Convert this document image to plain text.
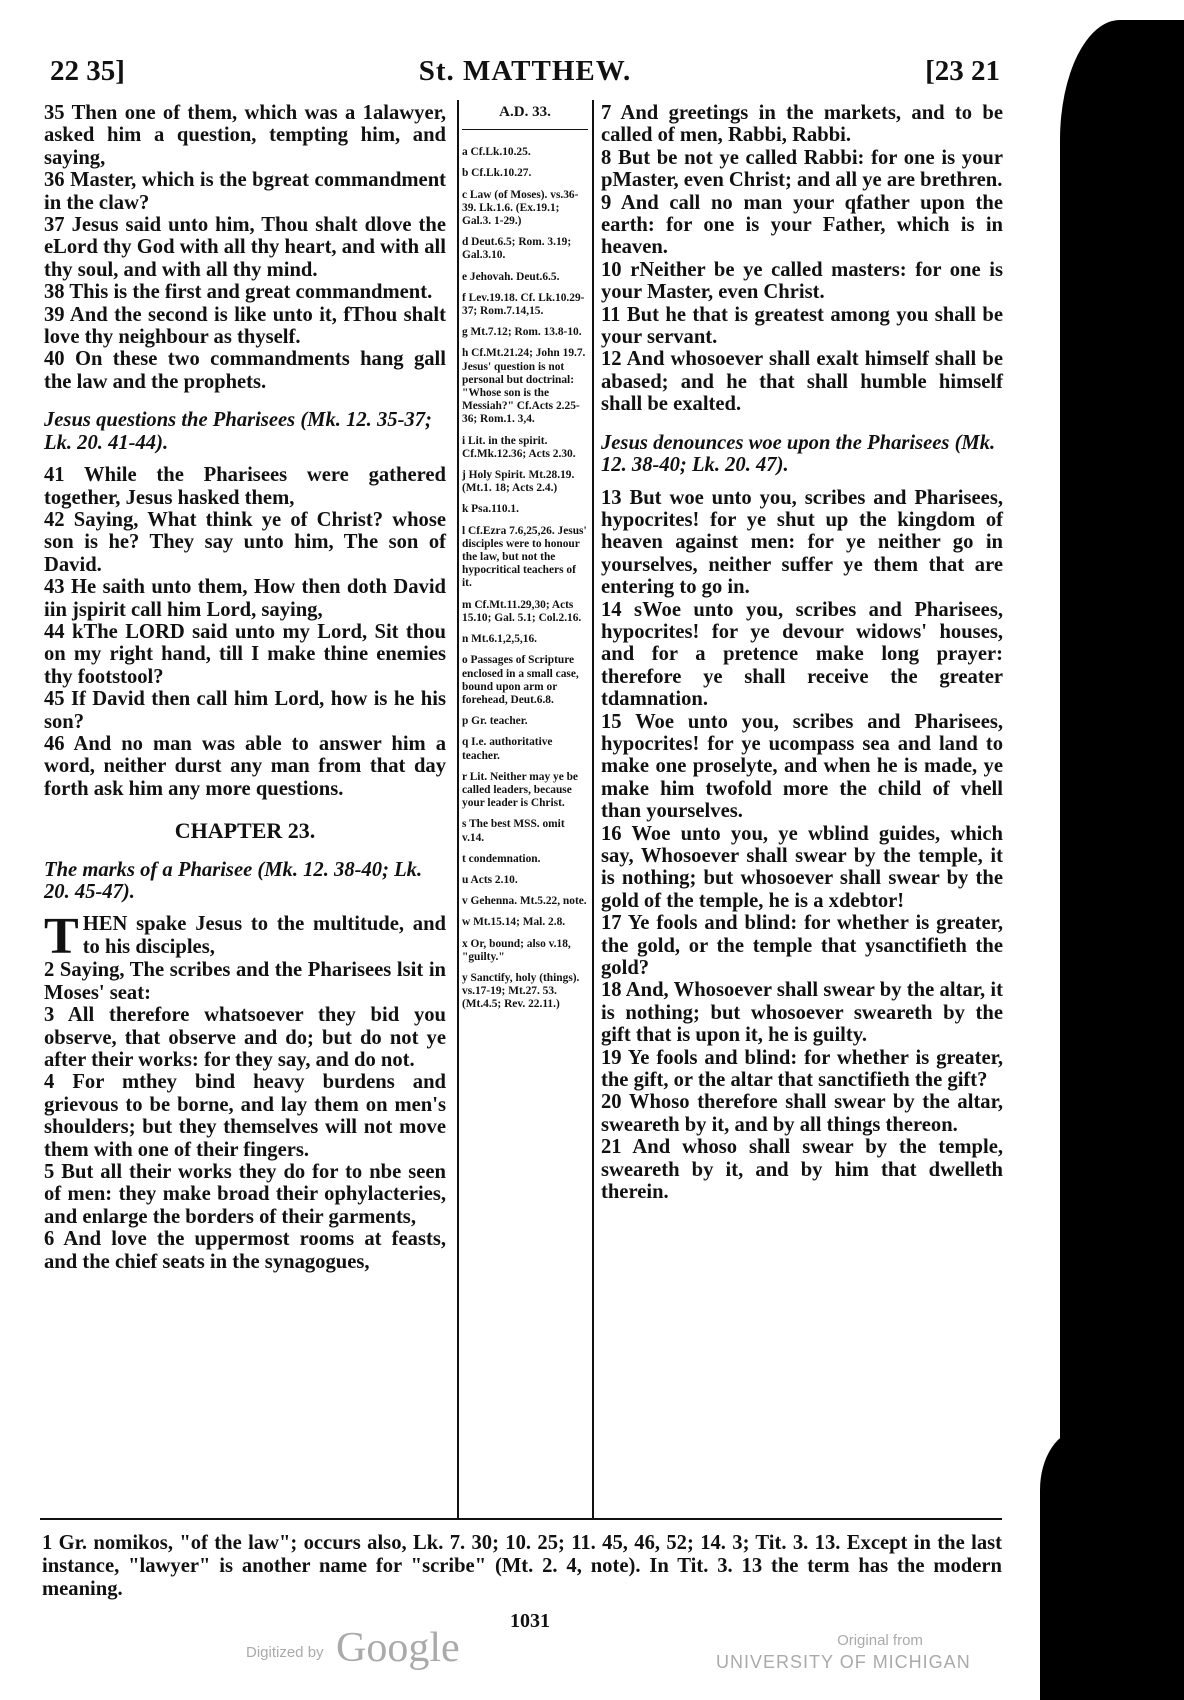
22 35]	St. MATTHEW.	[23 21

35 Then one of them, which was a 1alawyer, asked him a question, tempting him, and saying,

36 Master, which is the bgreat commandment in the claw?

37 Jesus said unto him, Thou shalt dlove the eLord thy God with all thy heart, and with all thy soul, and with all thy mind.

38 This is the first and great commandment.

39 And the second is like unto it, fThou shalt love thy neighbour as thyself.

40 On these two commandments hang gall the law and the prophets.

Jesus questions the Pharisees (Mk. 12. 35-37; Lk. 20. 41-44).

41 While the Pharisees were gathered together, Jesus hasked them,

42 Saying, What think ye of Christ? whose son is he? They say unto him, The son of David.

43 He saith unto them, How then doth David iin jspirit call him Lord, saying,

44 kThe LORD said unto my Lord, Sit thou on my right hand, till I make thine enemies thy footstool?

45 If David then call him Lord, how is he his son?

46 And no man was able to answer him a word, neither durst any man from that day forth ask him any more questions.

CHAPTER 23.

The marks of a Pharisee (Mk. 12. 38-40; Lk. 20. 45-47).

THEN spake Jesus to the multitude, and to his disciples,

2 Saying, The scribes and the Pharisees lsit in Moses' seat:

3 All therefore whatsoever they bid you observe, that observe and do; but do not ye after their works: for they say, and do not.

4 For mthey bind heavy burdens and grievous to be borne, and lay them on men's shoulders; but they themselves will not move them with one of their fingers.

5 But all their works they do for to nbe seen of men: they make broad their ophylacteries, and enlarge the borders of their garments,

6 And love the uppermost rooms at feasts, and the chief seats in the synagogues,

A.D. 33.
a Cf.Lk.10.25.
b Cf.Lk.10.27.
c Law (of Moses). vs.36-39. Lk.1.6. (Ex.19.1; Gal.3. 1-29.)
d Deut.6.5; Rom. 3.19; Gal.3.10.
e Jehovah. Deut.6.5.
f Lev.19.18. Cf. Lk.10.29-37; Rom.7.14,15.
g Mt.7.12; Rom. 13.8-10.
h Cf.Mt.21.24; John 19.7. Jesus' question is not personal but doctrinal: "Whose son is the Messiah?" Cf.Acts 2.25-36; Rom.1. 3,4.
i Lit. in the spirit. Cf.Mk.12.36; Acts 2.30.
j Holy Spirit. Mt.28.19. (Mt.1. 18; Acts 2.4.)
k Psa.110.1.
l Cf.Ezra 7.6,25,26. Jesus' disciples were to honour the law, but not the hypocritical teachers of it.
m Cf.Mt.11.29,30; Acts 15.10; Gal. 5.1; Col.2.16.
n Mt.6.1,2,5,16.
o Passages of Scripture enclosed in a small case, bound upon arm or forehead, Deut.6.8.
p Gr. teacher.
q I.e. authoritative teacher.
r Lit. Neither may ye be called leaders, because your leader is Christ.
s The best MSS. omit v.14.
t condemnation.
u Acts 2.10.
v Gehenna. Mt.5.22, note.
w Mt.15.14; Mal. 2.8.
x Or, bound; also v.18, "guilty."
y Sanctify, holy (things). vs.17-19; Mt.27. 53. (Mt.4.5; Rev. 22.11.)

7 And greetings in the markets, and to be called of men, Rabbi, Rabbi.

8 But be not ye called Rabbi: for one is your pMaster, even Christ; and all ye are brethren.

9 And call no man your qfather upon the earth: for one is your Father, which is in heaven.

10 rNeither be ye called masters: for one is your Master, even Christ.

11 But he that is greatest among you shall be your servant.

12 And whosoever shall exalt himself shall be abased; and he that shall humble himself shall be exalted.

Jesus denounces woe upon the Pharisees (Mk. 12. 38-40; Lk. 20. 47).

13 But woe unto you, scribes and Pharisees, hypocrites! for ye shut up the kingdom of heaven against men: for ye neither go in yourselves, neither suffer ye them that are entering to go in.

14 sWoe unto you, scribes and Pharisees, hypocrites! for ye devour widows' houses, and for a pretence make long prayer: therefore ye shall receive the greater tdamnation.

15 Woe unto you, scribes and Pharisees, hypocrites! for ye ucompass sea and land to make one proselyte, and when he is made, ye make him twofold more the child of vhell than yourselves.

16 Woe unto you, ye wblind guides, which say, Whosoever shall swear by the temple, it is nothing; but whosoever shall swear by the gold of the temple, he is a xdebtor!

17 Ye fools and blind: for whether is greater, the gold, or the temple that ysanctifieth the gold?

18 And, Whosoever shall swear by the altar, it is nothing; but whosoever sweareth by the gift that is upon it, he is guilty.

19 Ye fools and blind: for whether is greater, the gift, or the altar that sanctifieth the gift?

20 Whoso therefore shall swear by the altar, sweareth by it, and by all things thereon.

21 And whoso shall swear by the temple, sweareth by it, and by him that dwelleth therein.

1 Gr. nomikos, "of the law"; occurs also, Lk. 7. 30; 10. 25; 11. 45, 46, 52; 14. 3; Tit. 3. 13. Except in the last instance, "lawyer" is another name for "scribe" (Mt. 2. 4, note). In Tit. 3. 13 the term has the modern meaning.
1031
Digitized by Google	Original from
UNIVERSITY OF MICHIGAN
